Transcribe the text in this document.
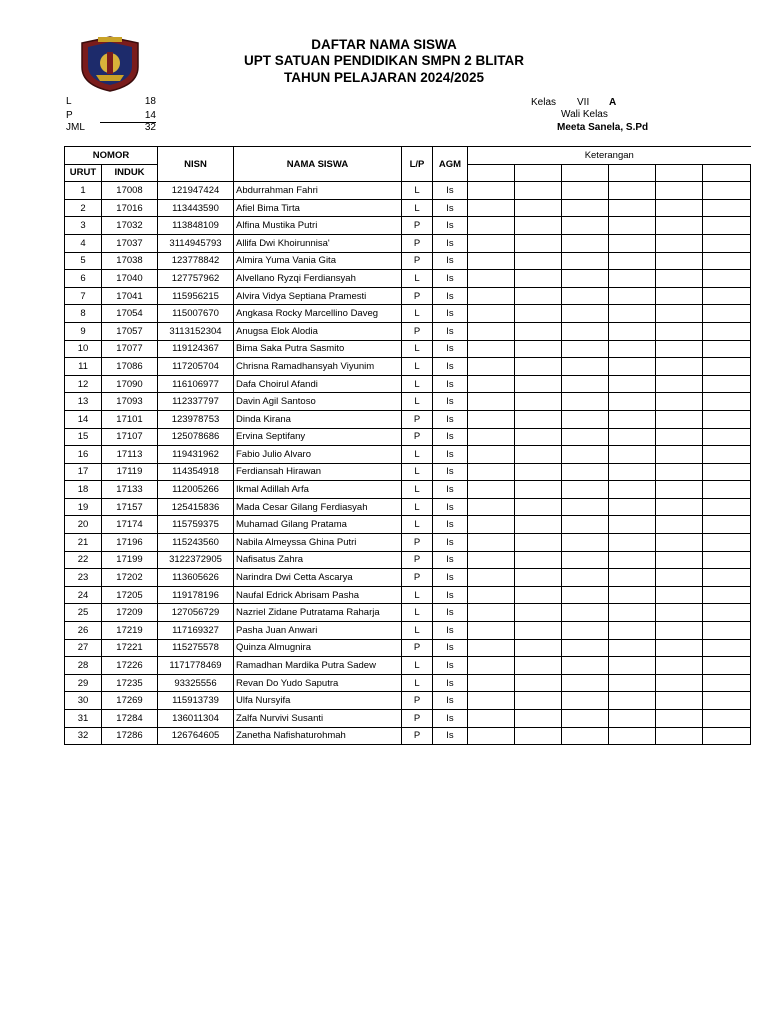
DAFTAR NAMA SISWA
UPT SATUAN PENDIDIKAN SMPN 2 BLITAR
TAHUN PELAJARAN 2024/2025
L	18
P	14
JML	32
Kelas VII A
Wali Kelas
Meeta Sanela, S.Pd
NOMOR		NISN	NAMA SISWA	L/P	AGM	Keterangan					
URUT	INDUK										
1	17008	121947424	Abdurrahman Fahri	L	Is						
2	17016	113443590	Afiel Bima Tirta	L	Is						
3	17032	113848109	Alfina Mustika Putri	P	Is						
4	17037	3114945793	Allifa Dwi Khoirunnisa'	P	Is						
5	17038	123778842	Almira Yuma Vania Gita	P	Is						
6	17040	127757962	Alvellano Ryzqi Ferdiansyah	L	Is						
7	17041	115956215	Alvira Vidya Septiana Pramesti	P	Is						
8	17054	115007670	Angkasa Rocky Marcellino Daveg	L	Is						
9	17057	3113152304	Anugsa Elok Alodia	P	Is						
10	17077	119124367	Bima Saka Putra Sasmito	L	Is						
11	17086	117205704	Chrisna Ramadhansyah Viyunim	L	Is						
12	17090	116106977	Dafa Choirul Afandi	L	Is						
13	17093	112337797	Davin Agil Santoso	L	Is						
14	17101	123978753	Dinda Kirana	P	Is						
15	17107	125078686	Ervina Septifany	P	Is						
16	17113	119431962	Fabio Julio Alvaro	L	Is						
17	17119	114354918	Ferdiansah Hirawan	L	Is						
18	17133	112005266	Ikmal Adillah Arfa	L	Is						
19	17157	125415836	Mada Cesar Gilang Ferdiasyah	L	Is						
20	17174	115759375	Muhamad Gilang Pratama	L	Is						
21	17196	115243560	Nabila Almeyssa Ghina Putri	P	Is						
22	17199	3122372905	Nafisatus Zahra	P	Is						
23	17202	113605626	Narindra Dwi Cetta Ascarya	P	Is						
24	17205	119178196	Naufal Edrick Abrisam Pasha	L	Is						
25	17209	127056729	Nazriel Zidane Putratama Raharja	L	Is						
26	17219	117169327	Pasha Juan Anwari	L	Is						
27	17221	115275578	Quinza Almugnira	P	Is						
28	17226	1171778469	Ramadhan Mardika Putra Sadew	L	Is						
29	17235	93325556	Revan Do Yudo Saputra	L	Is						
30	17269	115913739	Ulfa Nursyifa	P	Is						
31	17284	136011304	Zalfa Nurvivi Susanti	P	Is						
32	17286	126764605	Zanetha Nafishaturohmah	P	Is						
